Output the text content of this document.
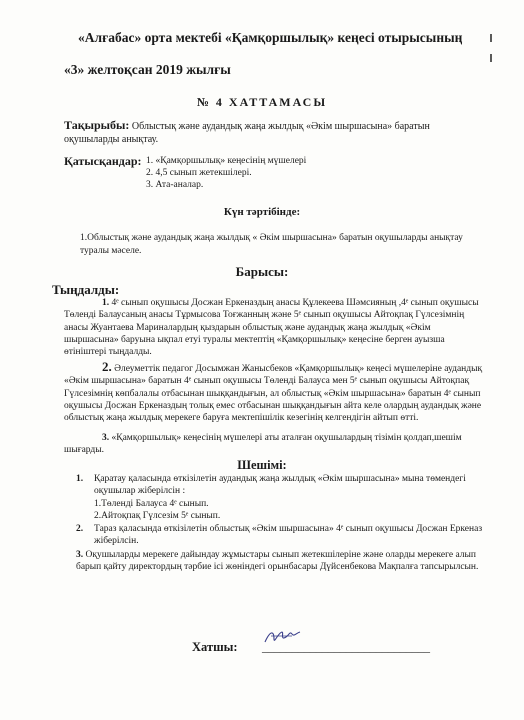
«Алғабас» орта мектебі «Қамқоршылық» кеңесі отырысының
«3» желтоқсан 2019 жылғы
№ 4 ХАТТАМАСЫ
Тақырыбы: Облыстық және аудандық жаңа жылдық «Әкім шыршасына» баратын оқушыларды анықтау.
Қатысқандар: 1. «Қамқоршылық» кеңесінің мүшелері
2. 4,5 сынып жетекшілері.
3. Ата-аналар.
Күн тәртібінде:
1.Облыстық және аудандық жаңа жылдық « Әкім шыршасына» баратын оқушыларды анықтау туралы мәселе.
Барысы:
Тыңдалды:
1. 4ᵉ сынып оқушысы Досжан Еркеназдың анасы Құлекеева Шәмсияның ,4ᵉ сынып оқушысы Төленді Балаусаның анасы Тұрмысова Тоғжанның және 5ᵉ сынып оқушысы Айтоқпақ Гүлсезімнің анасы Жуантаева Мариналардың қыздарын облыстық және аудандық жаңа жылдық «Әкім шыршасына» баруына ықпал етуі туралы мектептің «Қамқоршылық» кеңесіне берген ауызша өтініштері тыңдалды.
2. Әлеуметтік педагог Досымжан Жаныcбеков «Қамқоршылық» кеңесі мүшелеріне аудандық «Әкім шыршасына» баратын 4ᵉ сынып оқушысы Төленді Балауса мен 5ᵉ сынып оқушысы Айтоқпақ Гүлсезімнің көпбалалы отбасынан шыққандығын, ал облыстық «Әкім шыршасына» баратын 4ᵉ сынып оқушысы Досжан Еркеназдың толық емес отбасынан шыққандығын айта келе олардың аудандық және облыстық жаңа жылдық мерекеге баруға мектепішілік кезегінің келгендігін айтып өтті.
3. «Қамқоршылық» кеңесінің мүшелері аты аталған оқушылардың тізімін қолдап,шешім шығарды.
Шешімі:
1. Қаратау қаласында өткізілетін аудандық жаңа жылдық «Әкім шыршасына» мына төмендегі оқушылар жіберілсін :
1.Төленді Балауса 4ᵉ сынып.
2.Айтоқпақ Гүлсезім 5ᵉ сынып.
2. Тараз қаласында өткізілетін облыстық «Әкім шыршасына» 4ᵉ сынып оқушысы Досжан Еркеназ жіберілсін.
3. Оқушыларды мерекеге дайындау жұмыстары сынып жетекшілеріне және оларды мерекеге алып барып қайту директордың тәрбие ісі жөніндегі орынбасары Дүйсенбекова Мақпалға тапсырылсын.
Хатшы: ____________________________
